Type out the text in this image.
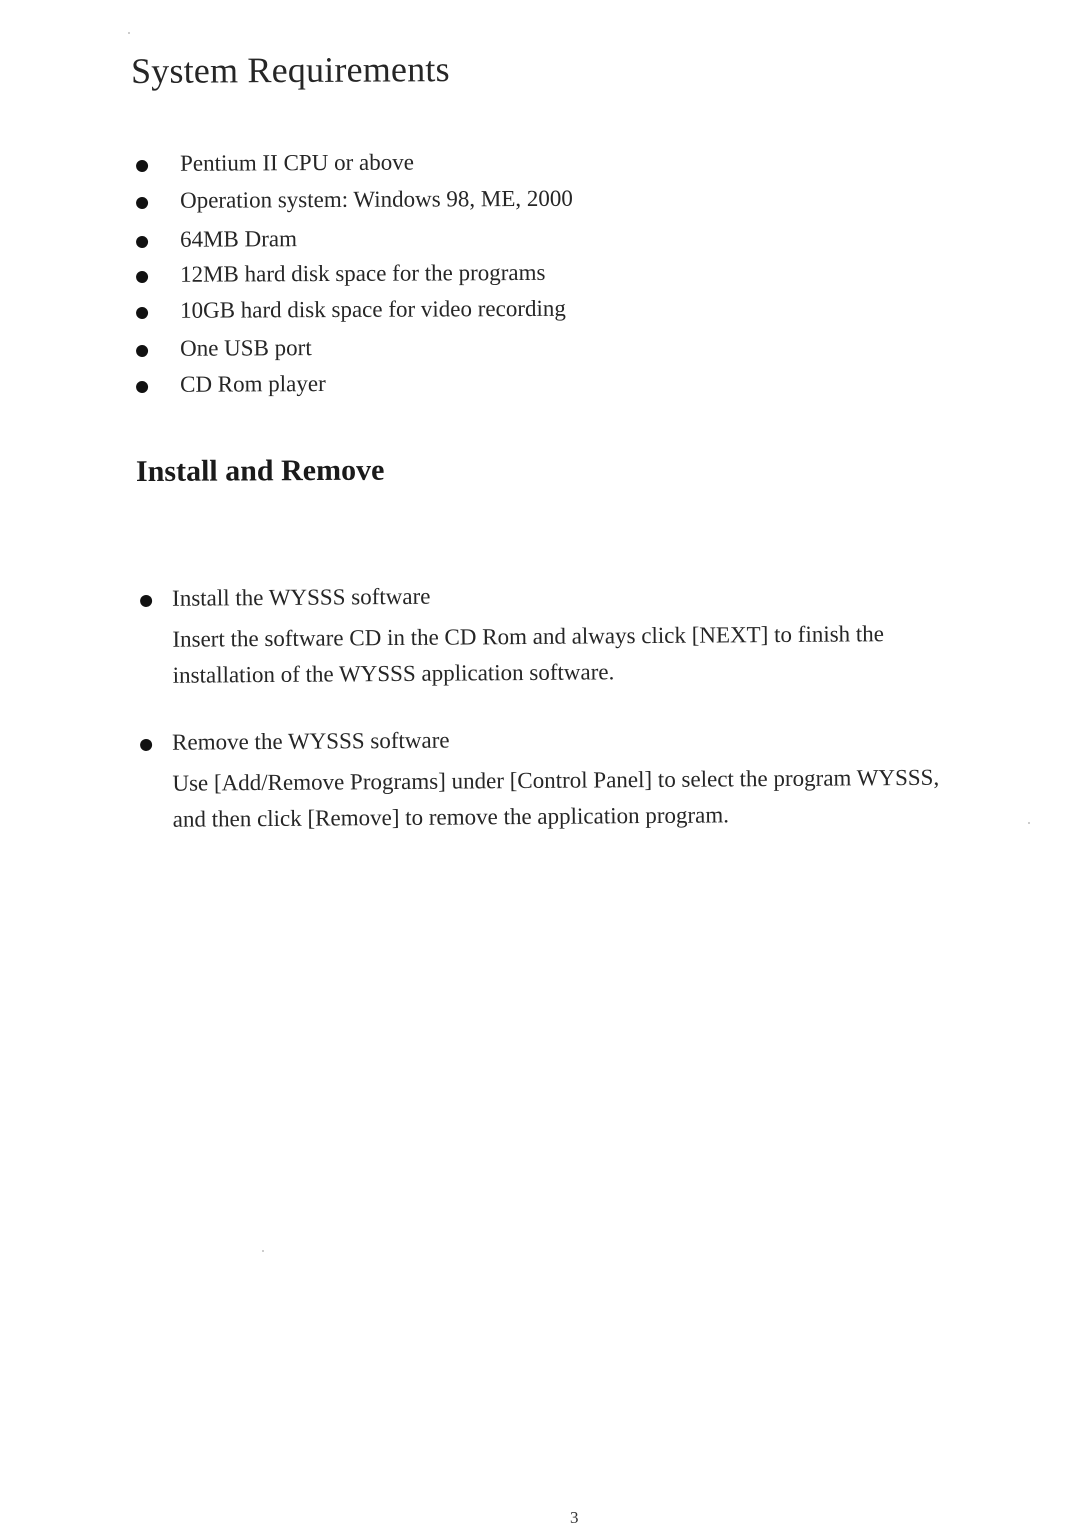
System Requirements
Pentium II CPU or above
Operation system: Windows 98, ME, 2000
64MB Dram
12MB hard disk space for the programs
10GB hard disk space for video recording
One USB port
CD Rom player
Install and Remove
Install the WYSSS software
Insert the software CD in the CD Rom and always click [NEXT] to finish the
installation of the WYSSS application software.
Remove the WYSSS software
Use [Add/Remove Programs] under [Control Panel] to select the program WYSSS,
and then click [Remove] to remove the application program.
3
